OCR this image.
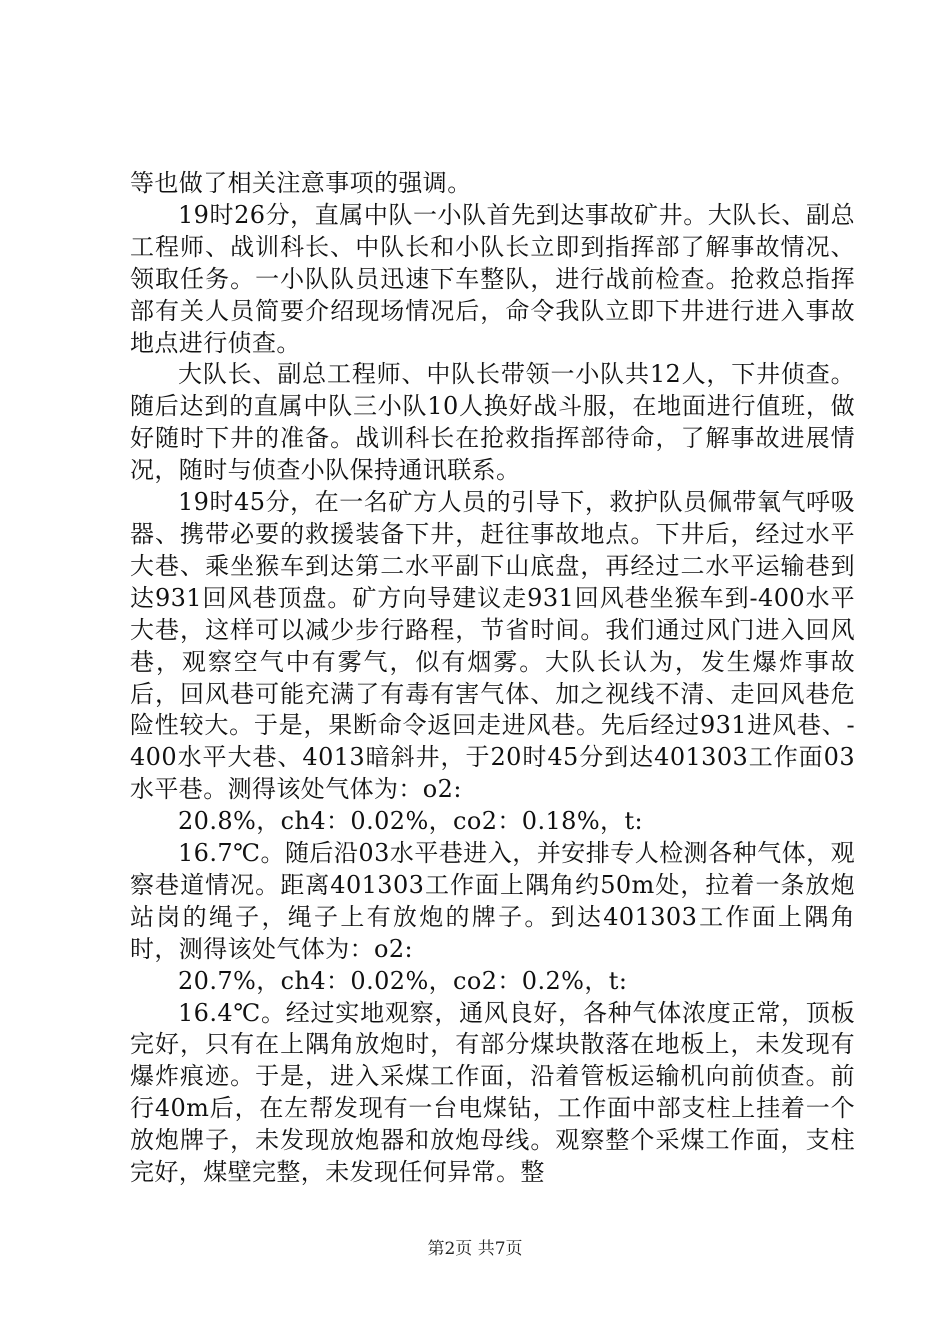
等也做了相关注意事项的强调。

19时26分，直属中队一小队首先到达事故矿井。大队长、副总工程师、战训科长、中队长和小队长立即到指挥部了解事故情况、领取任务。一小队队员迅速下车整队，进行战前检查。抢救总指挥部有关人员简要介绍现场情况后，命令我队立即下井进行进入事故地点进行侦查。

大队长、副总工程师、中队长带领一小队共12人，下井侦查。随后达到的直属中队三小队10人换好战斗服，在地面进行值班，做好随时下井的准备。战训科长在抢救指挥部待命，了解事故进展情况，随时与侦查小队保持通讯联系。

19时45分，在一名矿方人员的引导下，救护队员佩带氧气呼吸器、携带必要的救援装备下井，赶往事故地点。下井后，经过水平大巷、乘坐猴车到达第二水平副下山底盘，再经过二水平运输巷到达931回风巷顶盘。矿方向导建议走931回风巷坐猴车到-400水平大巷，这样可以减少步行路程，节省时间。我们通过风门进入回风巷，观察空气中有雾气，似有烟雾。大队长认为，发生爆炸事故后，回风巷可能充满了有毒有害气体、加之视线不清、走回风巷危险性较大。于是，果断命令返回走进风巷。先后经过931进风巷、-400水平大巷、4013暗斜井，于20时45分到达401303工作面03水平巷。测得该处气体为：o2:

20.8%，ch4：0.02%，co2：0.18%，t:

16.7℃。随后沿03水平巷进入，并安排专人检测各种气体，观察巷道情况。距离401303工作面上隅角约50m处，拉着一条放炮站岗的绳子，绳子上有放炮的牌子。到达401303工作面上隅角时，测得该处气体为：o2:

20.7%，ch4：0.02%，co2：0.2%，t:

16.4℃。经过实地观察，通风良好，各种气体浓度正常，顶板完好，只有在上隅角放炮时，有部分煤块散落在地板上，未发现有爆炸痕迹。于是，进入采煤工作面，沿着管板运输机向前侦查。前行40m后，在左帮发现有一台电煤钻，工作面中部支柱上挂着一个放炮牌子，未发现放炮器和放炮母线。观察整个采煤工作面，支柱完好，煤壁完整，未发现任何异常。整

第2页 共7页
